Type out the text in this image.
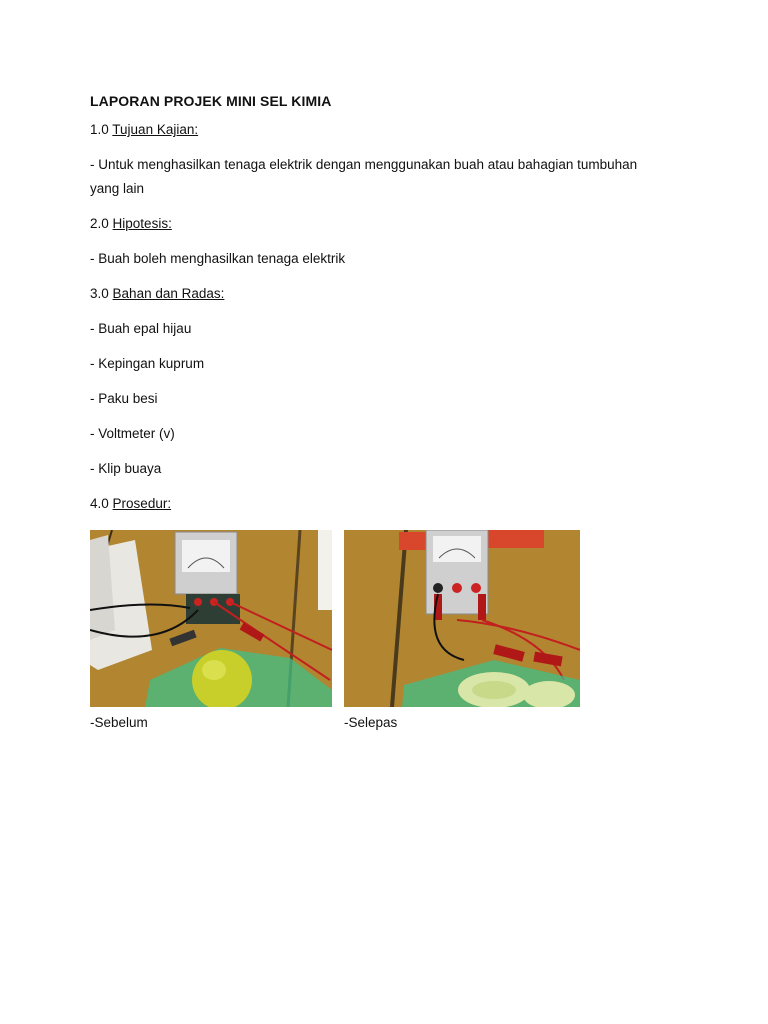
LAPORAN PROJEK MINI SEL KIMIA
1.0 Tujuan Kajian:
- Untuk menghasilkan tenaga elektrik dengan menggunakan buah atau bahagian tumbuhan yang lain
2.0 Hipotesis:
- Buah boleh menghasilkan tenaga elektrik
3.0 Bahan dan Radas:
- Buah epal hijau
- Kepingan kuprum
- Paku besi
- Voltmeter (v)
- Klip buaya
4.0 Prosedur:
-Sebelum	-Selepas
